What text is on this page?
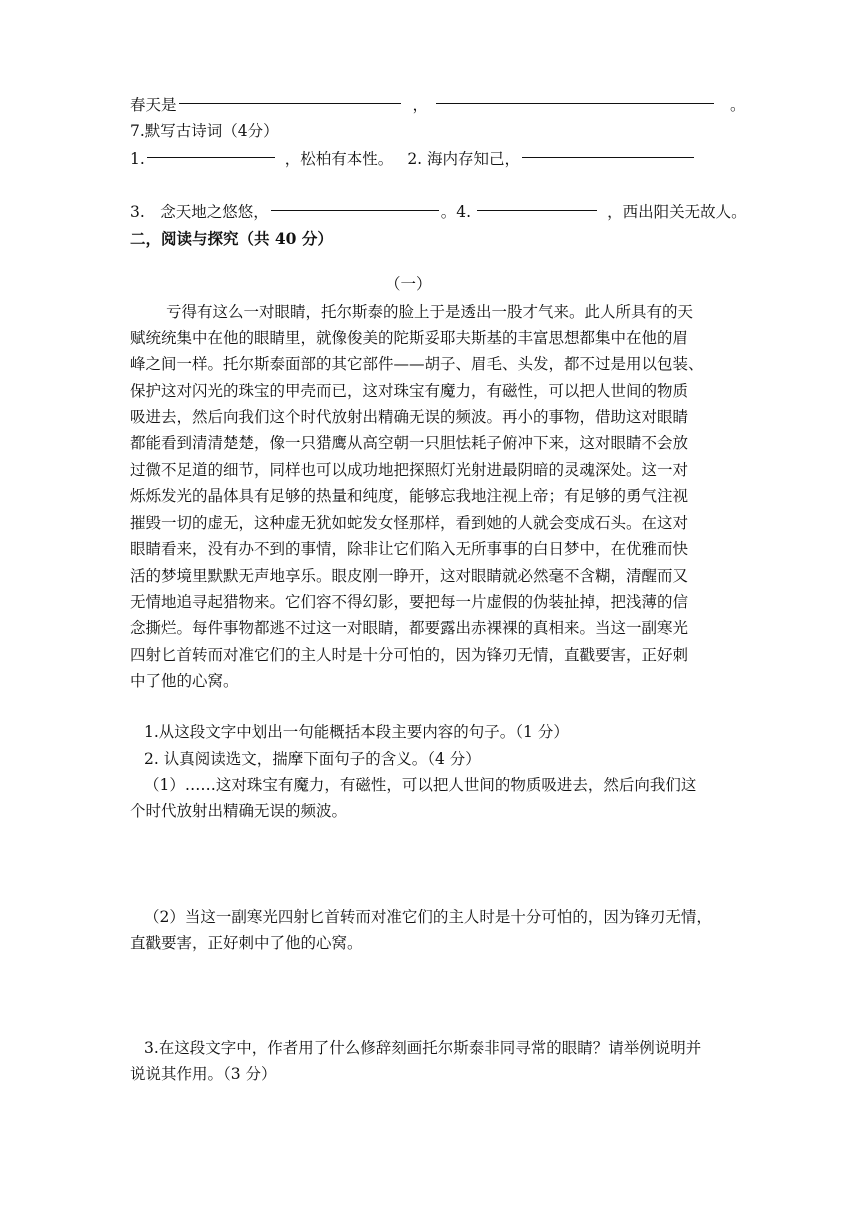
春天是	，	。
7.默写古诗词（4分）
1.	，松柏有本性。 2. 海内存知己，
3.　念天地之悠悠，	。4.	，西出阳关无故人。
二，阅读与探究（共 40 分）
（一）
亏得有这么一对眼睛，托尔斯泰的脸上于是透出一股才气来。此人所具有的天
赋统统集中在他的眼睛里，就像俊美的陀斯妥耶夫斯基的丰富思想都集中在他的眉
峰之间一样。托尔斯泰面部的其它部件——胡子、眉毛、头发，都不过是用以包装、
保护这对闪光的珠宝的甲壳而已，这对珠宝有魔力，有磁性，可以把人世间的物质
吸进去，然后向我们这个时代放射出精确无误的频波。再小的事物，借助这对眼睛
都能看到清清楚楚，像一只猎鹰从高空朝一只胆怯耗子俯冲下来，这对眼睛不会放
过微不足道的细节，同样也可以成功地把探照灯光射进最阴暗的灵魂深处。这一对
烁烁发光的晶体具有足够的热量和纯度，能够忘我地注视上帝；有足够的勇气注视
摧毁一切的虚无，这种虚无犹如蛇发女怪那样，看到她的人就会变成石头。在这对
眼睛看来，没有办不到的事情，除非让它们陷入无所事事的白日梦中，在优雅而快
活的梦境里默默无声地享乐。眼皮刚一睁开，这对眼睛就必然毫不含糊，清醒而又
无情地追寻起猎物来。它们容不得幻影，要把每一片虚假的伪装扯掉，把浅薄的信
念撕烂。每件事物都逃不过这一对眼睛，都要露出赤裸裸的真相来。当这一副寒光
四射匕首转而对准它们的主人时是十分可怕的，因为锋刃无情，直戳要害，正好刺
中了他的心窝。
1.从这段文字中划出一句能概括本段主要内容的句子。（1 分）
2. 认真阅读选文，揣摩下面句子的含义。（4 分）
（1）……这对珠宝有魔力，有磁性，可以把人世间的物质吸进去，然后向我们这
个时代放射出精确无误的频波。
（2）当这一副寒光四射匕首转而对准它们的主人时是十分可怕的，因为锋刃无情，
直戳要害，正好刺中了他的心窝。
3.在这段文字中，作者用了什么修辞刻画托尔斯泰非同寻常的眼睛？请举例说明并
说说其作用。（3 分）
